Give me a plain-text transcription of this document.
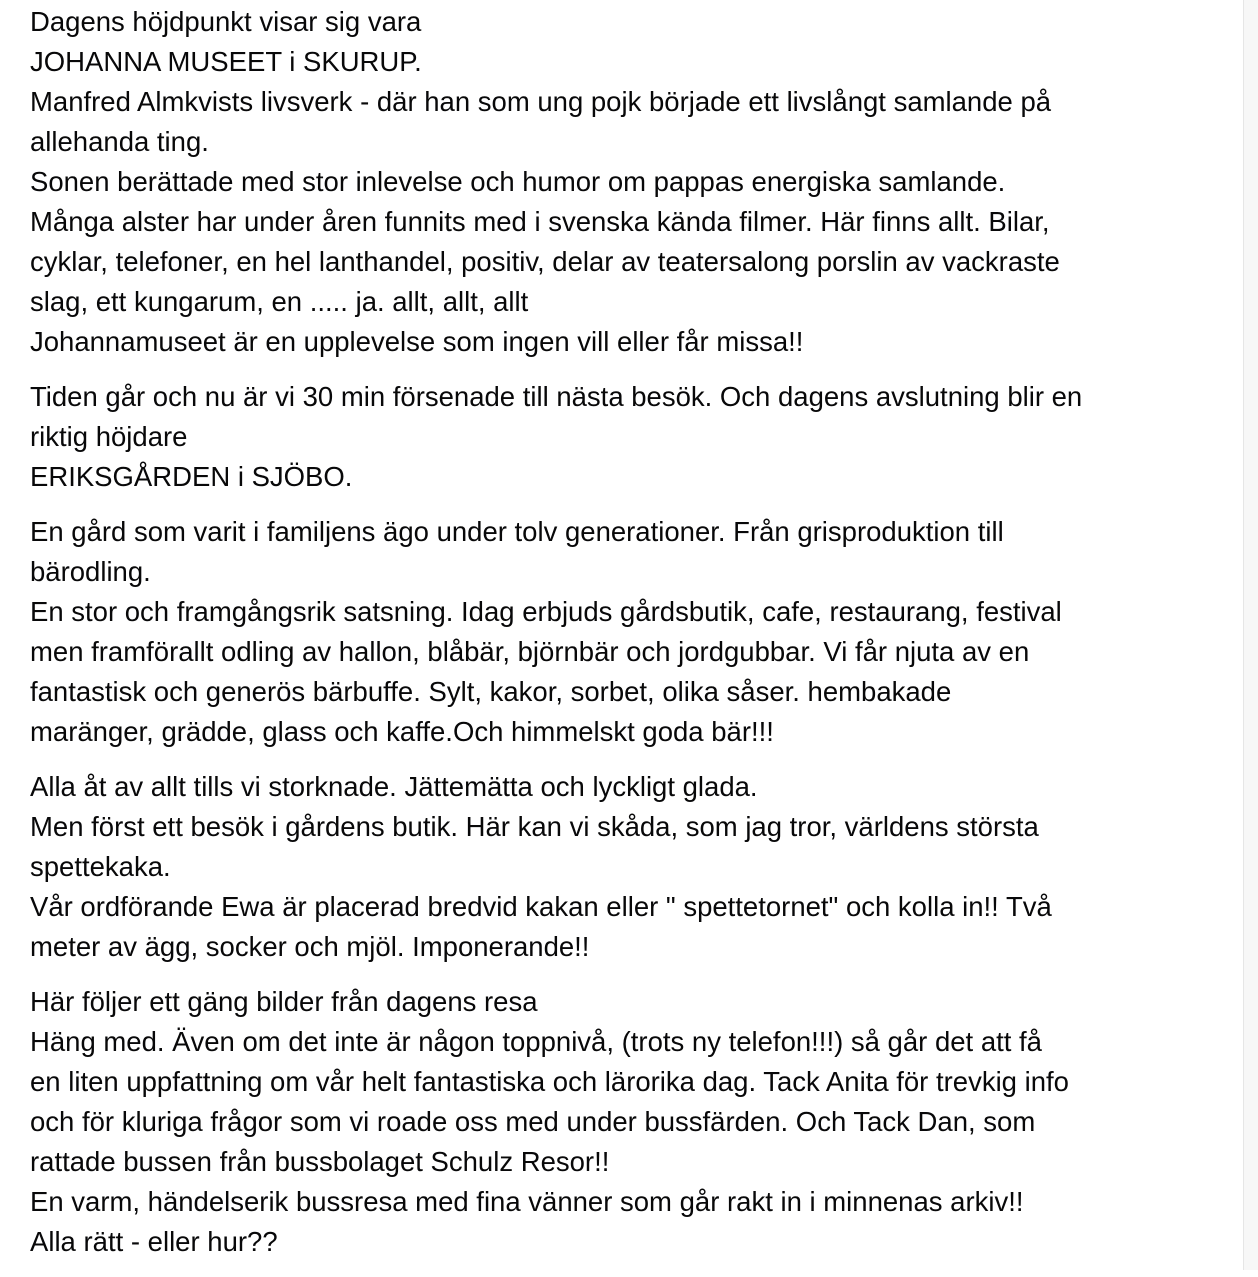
Dagens höjdpunkt visar sig vara
JOHANNA MUSEET i SKURUP.
Manfred Almkvists livsverk - där han som ung pojk började ett livslångt samlande på
allehanda ting.
Sonen berättade med stor inlevelse och humor om pappas energiska samlande.
Många alster har under åren funnits med i svenska kända filmer. Här finns allt. Bilar,
cyklar, telefoner, en hel lanthandel, positiv, delar av teatersalong porslin av vackraste
slag, ett kungarum, en ..... ja. allt, allt, allt
Johannamuseet är en upplevelse som ingen vill eller får missa!!
Tiden går och nu är vi 30 min försenade till nästa besök. Och dagens avslutning blir en
riktig höjdare
ERIKSGÅRDEN i SJÖBO.
En gård som varit i familjens ägo under tolv generationer. Från grisproduktion till
bärodling.
En stor och framgångsrik satsning. Idag erbjuds gårdsbutik, cafe, restaurang, festival
men framförallt odling av hallon, blåbär, björnbär och jordgubbar. Vi får njuta av en
fantastisk och generös bärbuffe. Sylt, kakor, sorbet, olika såser. hembakade
maränger, grädde, glass och kaffe.Och himmelskt goda bär!!!
Alla åt av allt tills vi storknade. Jättemätta och lyckligt glada.
Men först ett besök i gårdens butik. Här kan vi skåda, som jag tror, världens största
spettekaka.
Vår ordförande Ewa är placerad bredvid kakan eller " spettetornet" och kolla in!! Två
meter av ägg, socker och mjöl. Imponerande!!
Här följer ett gäng bilder från dagens resa
Häng med. Även om det inte är någon toppnivå, (trots ny telefon!!!) så går det att få
en liten uppfattning om vår helt fantastiska och lärorika dag. Tack Anita för trevkig info
och för kluriga frågor som vi roade oss med under bussfärden. Och Tack Dan, som
rattade bussen från bussbolaget Schulz Resor!!
En varm, händelserik bussresa med fina vänner som går rakt in i minnenas arkiv!!
Alla rätt - eller hur??
